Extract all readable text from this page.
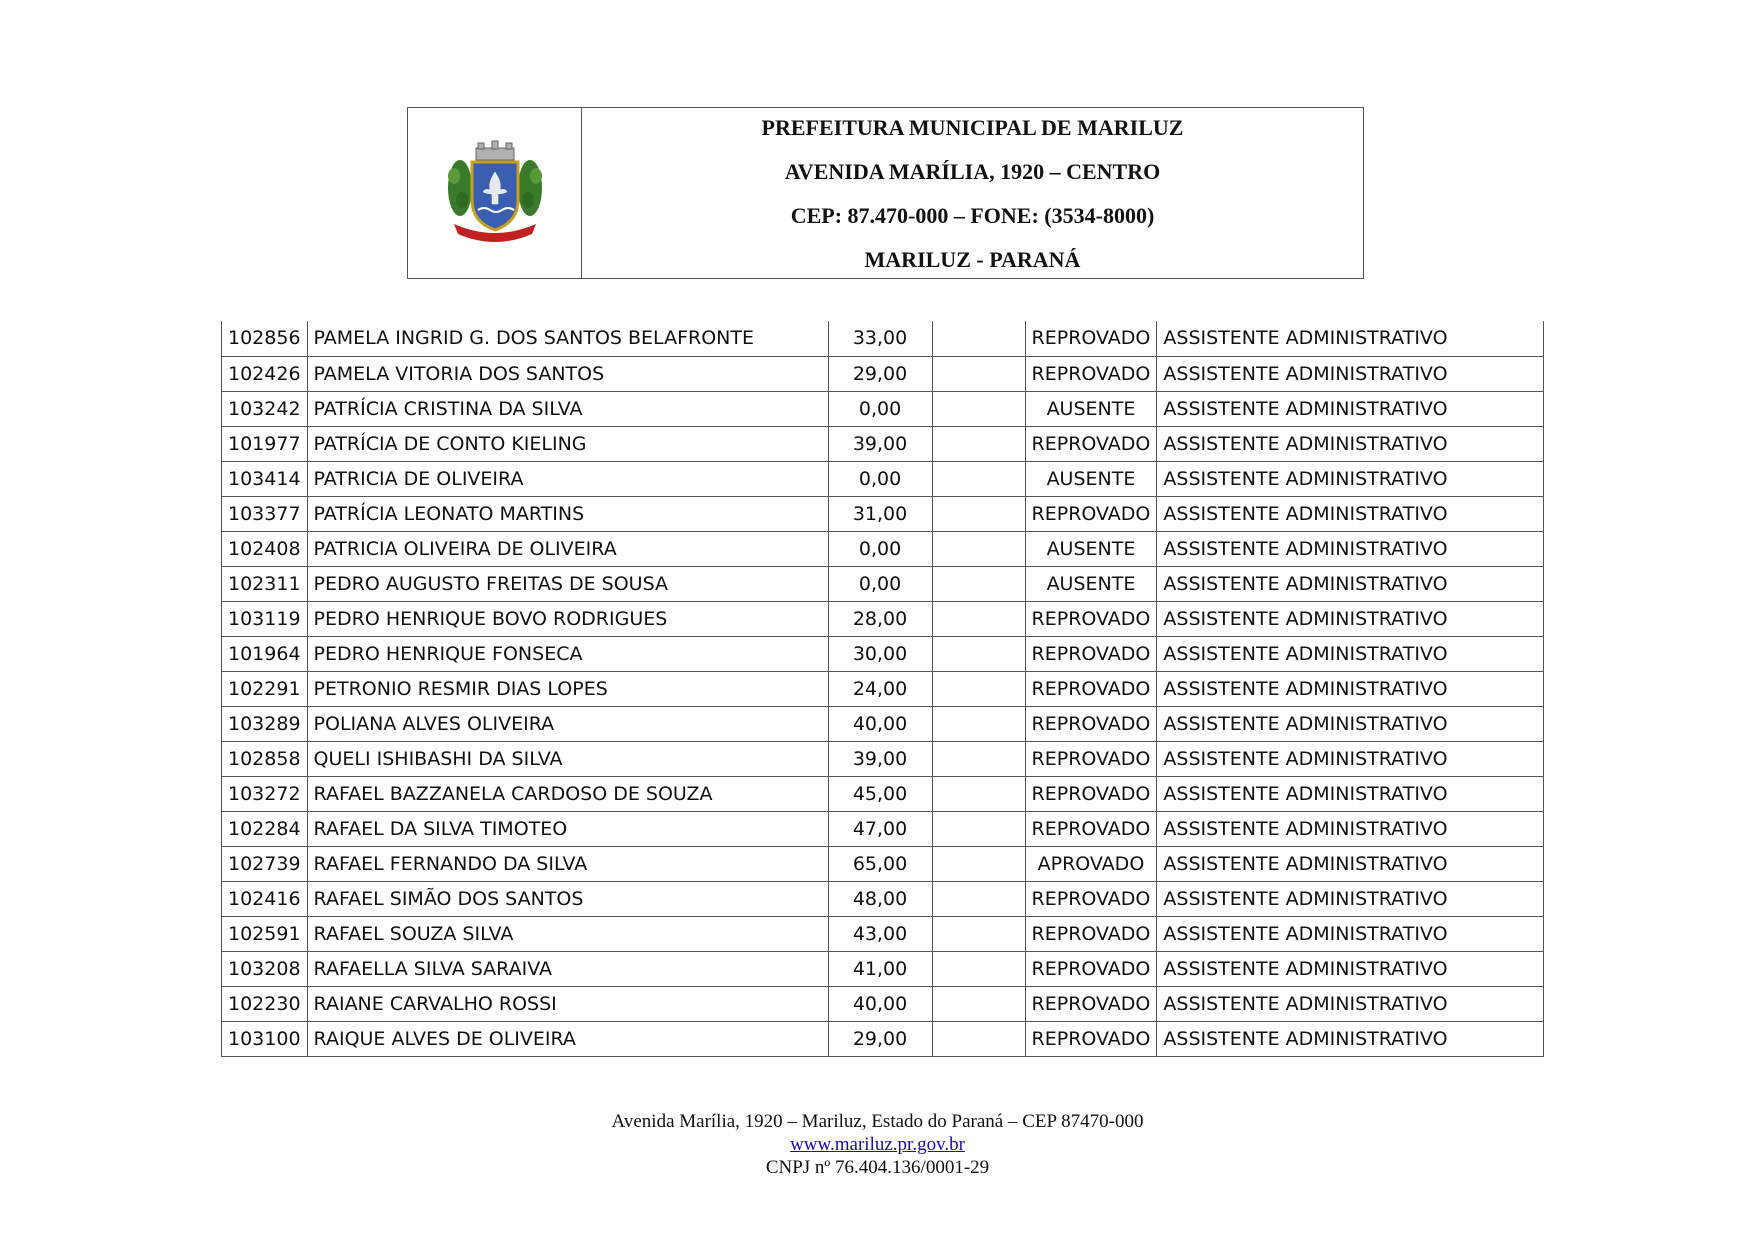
PREFEITURA MUNICIPAL DE MARILUZ
AVENIDA MARÍLIA, 1920 – CENTRO
CEP: 87.470-000 – FONE: (3534-8000)
MARILUZ - PARANÁ
102856	PAMELA INGRID G. DOS SANTOS BELAFRONTE	33,00		REPROVADO	ASSISTENTE ADMINISTRATIVO
102426	PAMELA VITORIA DOS SANTOS	29,00		REPROVADO	ASSISTENTE ADMINISTRATIVO
103242	PATRÍCIA CRISTINA DA SILVA	0,00		AUSENTE	ASSISTENTE ADMINISTRATIVO
101977	PATRÍCIA DE CONTO KIELING	39,00		REPROVADO	ASSISTENTE ADMINISTRATIVO
103414	PATRICIA DE OLIVEIRA	0,00		AUSENTE	ASSISTENTE ADMINISTRATIVO
103377	PATRÍCIA LEONATO MARTINS	31,00		REPROVADO	ASSISTENTE ADMINISTRATIVO
102408	PATRICIA OLIVEIRA DE OLIVEIRA	0,00		AUSENTE	ASSISTENTE ADMINISTRATIVO
102311	PEDRO AUGUSTO FREITAS DE SOUSA	0,00		AUSENTE	ASSISTENTE ADMINISTRATIVO
103119	PEDRO HENRIQUE BOVO RODRIGUES	28,00		REPROVADO	ASSISTENTE ADMINISTRATIVO
101964	PEDRO HENRIQUE FONSECA	30,00		REPROVADO	ASSISTENTE ADMINISTRATIVO
102291	PETRONIO RESMIR DIAS LOPES	24,00		REPROVADO	ASSISTENTE ADMINISTRATIVO
103289	POLIANA ALVES OLIVEIRA	40,00		REPROVADO	ASSISTENTE ADMINISTRATIVO
102858	QUELI ISHIBASHI DA SILVA	39,00		REPROVADO	ASSISTENTE ADMINISTRATIVO
103272	RAFAEL BAZZANELA CARDOSO DE SOUZA	45,00		REPROVADO	ASSISTENTE ADMINISTRATIVO
102284	RAFAEL DA SILVA TIMOTEO	47,00		REPROVADO	ASSISTENTE ADMINISTRATIVO
102739	RAFAEL FERNANDO DA SILVA	65,00		APROVADO	ASSISTENTE ADMINISTRATIVO
102416	RAFAEL SIMÃO DOS SANTOS	48,00		REPROVADO	ASSISTENTE ADMINISTRATIVO
102591	RAFAEL SOUZA SILVA	43,00		REPROVADO	ASSISTENTE ADMINISTRATIVO
103208	RAFAELLA SILVA SARAIVA	41,00		REPROVADO	ASSISTENTE ADMINISTRATIVO
102230	RAIANE CARVALHO ROSSI	40,00		REPROVADO	ASSISTENTE ADMINISTRATIVO
103100	RAIQUE ALVES DE OLIVEIRA	29,00		REPROVADO	ASSISTENTE ADMINISTRATIVO
Avenida Marília, 1920 – Mariluz, Estado do Paraná – CEP 87470-000
www.mariluz.pr.gov.br
CNPJ nº 76.404.136/0001-29
